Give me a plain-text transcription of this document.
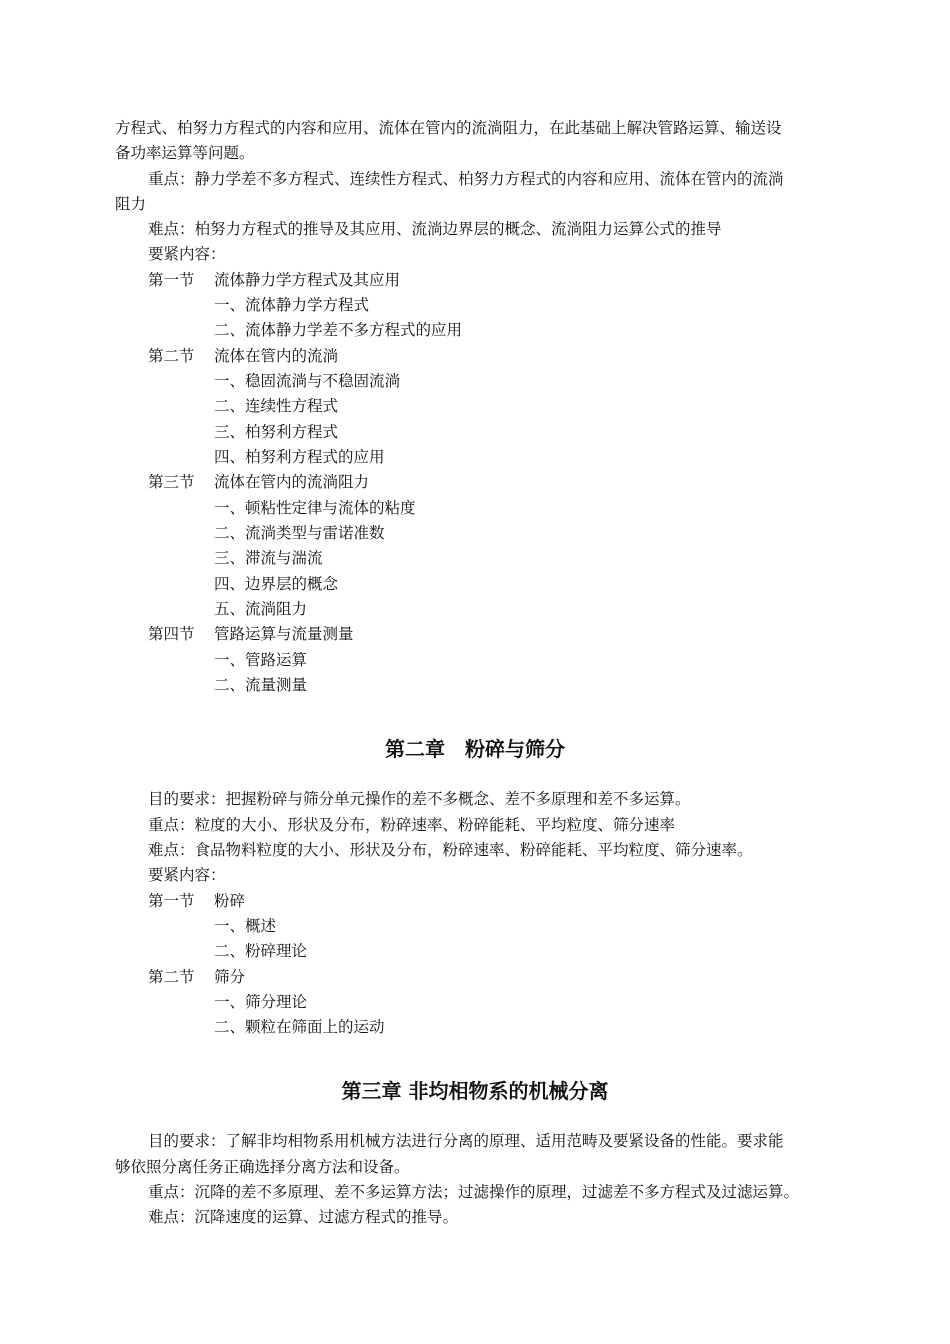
方程式、柏努力方程式的内容和应用、流体在管内的流淌阻力，在此基础上解决管路运算、输送设
备功率运算等问题。
重点：静力学差不多方程式、连续性方程式、柏努力方程式的内容和应用、流体在管内的流淌
阻力
难点：柏努力方程式的推导及其应用、流淌边界层的概念、流淌阻力运算公式的推导
要紧内容：
第一节 流体静力学方程式及其应用
一、流体静力学方程式
二、流体静力学差不多方程式的应用
第二节 流体在管内的流淌
一、稳固流淌与不稳固流淌
二、连续性方程式
三、柏努利方程式
四、柏努利方程式的应用
第三节 流体在管内的流淌阻力
一、顿粘性定律与流体的粘度
二、流淌类型与雷诺准数
三、滞流与湍流
四、边界层的概念
五、流淌阻力
第四节 管路运算与流量测量
一、管路运算
二、流量测量
第二章　粉碎与筛分
目的要求：把握粉碎与筛分单元操作的差不多概念、差不多原理和差不多运算。
重点：粒度的大小、形状及分布，粉碎速率、粉碎能耗、平均粒度、筛分速率
难点：食品物料粒度的大小、形状及分布，粉碎速率、粉碎能耗、平均粒度、筛分速率。
要紧内容：
第一节 粉碎
一、概述
二、粉碎理论
第二节 筛分
一、筛分理论
二、颗粒在筛面上的运动
第三章 非均相物系的机械分离
目的要求：了解非均相物系用机械方法进行分离的原理、适用范畴及要紧设备的性能。要求能
够依照分离任务正确选择分离方法和设备。
重点：沉降的差不多原理、差不多运算方法；过滤操作的原理，过滤差不多方程式及过滤运算。
难点：沉降速度的运算、过滤方程式的推导。
